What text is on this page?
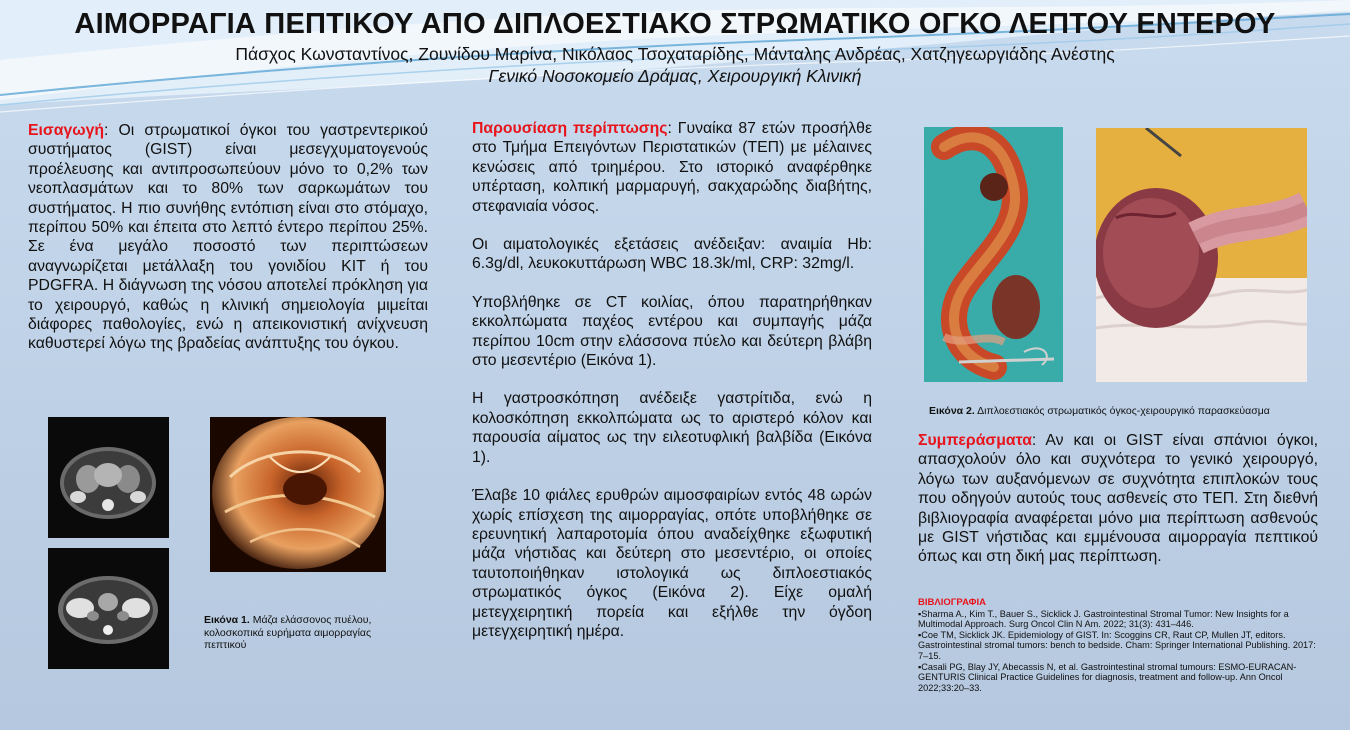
ΑΙΜΟΡΡΑΓΙΑ ΠΕΠΤΙΚΟΥ ΑΠΟ ΔΙΠΛΟΕΣΤΙΑΚΟ ΣΤΡΩΜΑΤΙΚΟ ΟΓΚΟ ΛΕΠΤΟΥ ΕΝΤΕΡΟΥ
Πάσχος Κωνσταντίνος, Ζουνίδου Μαρίνα, Νικόλαος Τσοχαταρίδης, Μάνταλης Ανδρέας, Χατζηγεωργιάδης Ανέστης
Γενικό Νοσοκομείο Δράμας, Χειρουργική Κλινική
Εισαγωγή: Οι στρωματικοί όγκοι του γαστρεντερικού συστήματος (GIST) είναι μεσεγχυματογενούς προέλευσης και αντιπροσωπεύουν μόνο το 0,2% των νεοπλασμάτων και το 80% των σαρκωμάτων του συστήματος. Η πιο συνήθης εντόπιση είναι στο στόμαχο, περίπου 50% και έπειτα στο λεπτό έντερο περίπου 25%. Σε ένα μεγάλο ποσοστό των περιπτώσεων αναγνωρίζεται μετάλλαξη του γονιδίου KIT ή του PDGFRA. Η διάγνωση της νόσου αποτελεί πρόκληση για το χειρουργό, καθώς η κλινική σημειολογία μιμείται διάφορες παθολογίες, ενώ η απεικονιστική ανίχνευση καθυστερεί λόγω της βραδείας ανάπτυξης του όγκου.
Εικόνα 1. Μάζα ελάσσονος πυέλου, κολοσκοπικά ευρήματα αιμορραγίας πεπτικού

Παρουσίαση περίπτωσης: Γυναίκα 87 ετών προσήλθε στο Τμήμα Επειγόντων Περιστατικών (ΤΕΠ) με μέλαινες κενώσεις από τριημέρου. Στο ιστορικό αναφέρθηκε υπέρταση, κολπική μαρμαρυγή, σακχαρώδης διαβήτης, στεφανιαία νόσος.

Οι αιματολογικές εξετάσεις ανέδειξαν: αναιμία Hb: 6.3g/dl, λευκοκυττάρωση WBC 18.3k/ml, CRP: 32mg/l.

Υποβλήθηκε σε CT κοιλίας, όπου παρατηρήθηκαν εκκολπώματα παχέος εντέρου και συμπαγής μάζα περίπου 10cm στην ελάσσονα πύελο και δεύτερη βλάβη στο μεσεντέριο (Εικόνα 1).

Η γαστροσκόπηση ανέδειξε γαστρίτιδα, ενώ η κολοσκόπηση εκκολπώματα ως το αριστερό κόλον και παρουσία αίματος ως την ειλεοτυφλική βαλβίδα (Εικόνα 1).

Έλαβε 10 φιάλες ερυθρών αιμοσφαιρίων εντός 48 ωρών χωρίς επίσχεση της αιμορραγίας, οπότε υποβλήθηκε σε ερευνητική λαπαροτομία όπου αναδείχθηκε εξωφυτική μάζα νήστιδας και δεύτερη στο μεσεντέριο, οι οποίες ταυτοποιήθηκαν ιστολογικά ως διπλοεστιακός στρωματικός όγκος (Εικόνα 2). Είχε ομαλή μετεγχειρητική πορεία και εξήλθε την όγδοη μετεγχειρητική ημέρα.

Εικόνα 2. Διπλοεστιακός στρωματικός όγκος-χειρουργικό παρασκεύασμα
Συμπεράσματα: Αν και οι GIST είναι σπάνιοι όγκοι, απασχολούν όλο και συχνότερα το γενικό χειρουργό, λόγω των αυξανόμενων σε συχνότητα επιπλοκών τους που οδηγούν αυτούς τους ασθενείς στο ΤΕΠ. Στη διεθνή βιβλιογραφία αναφέρεται μόνο μια περίπτωση ασθενούς με GIST νήστιδας και εμμένουσα αιμορραγία πεπτικού όπως και στη δική μας περίπτωση.
ΒΙΒΛΙΟΓΡΑΦΙΑ
▪Sharma A., Kim T., Bauer S., Sicklick J. Gastrointestinal Stromal Tumor: New Insights for a Multimodal Approach. Surg Oncol Clin N Am. 2022; 31(3): 431–446.
▪Coe TM, Sicklick JK. Epidemiology of GIST. In: Scoggins CR, Raut CP, Mullen JT, editors. Gastrointestinal stromal tumors: bench to bedside. Cham: Springer International Publishing. 2017: 7–15.
▪Casali PG, Blay JY, Abecassis N, et al. Gastrointestinal stromal tumours: ESMO-EURACAN-GENTURIS Clinical Practice Guidelines for diagnosis, treatment and follow-up. Ann Oncol 2022;33:20–33.
